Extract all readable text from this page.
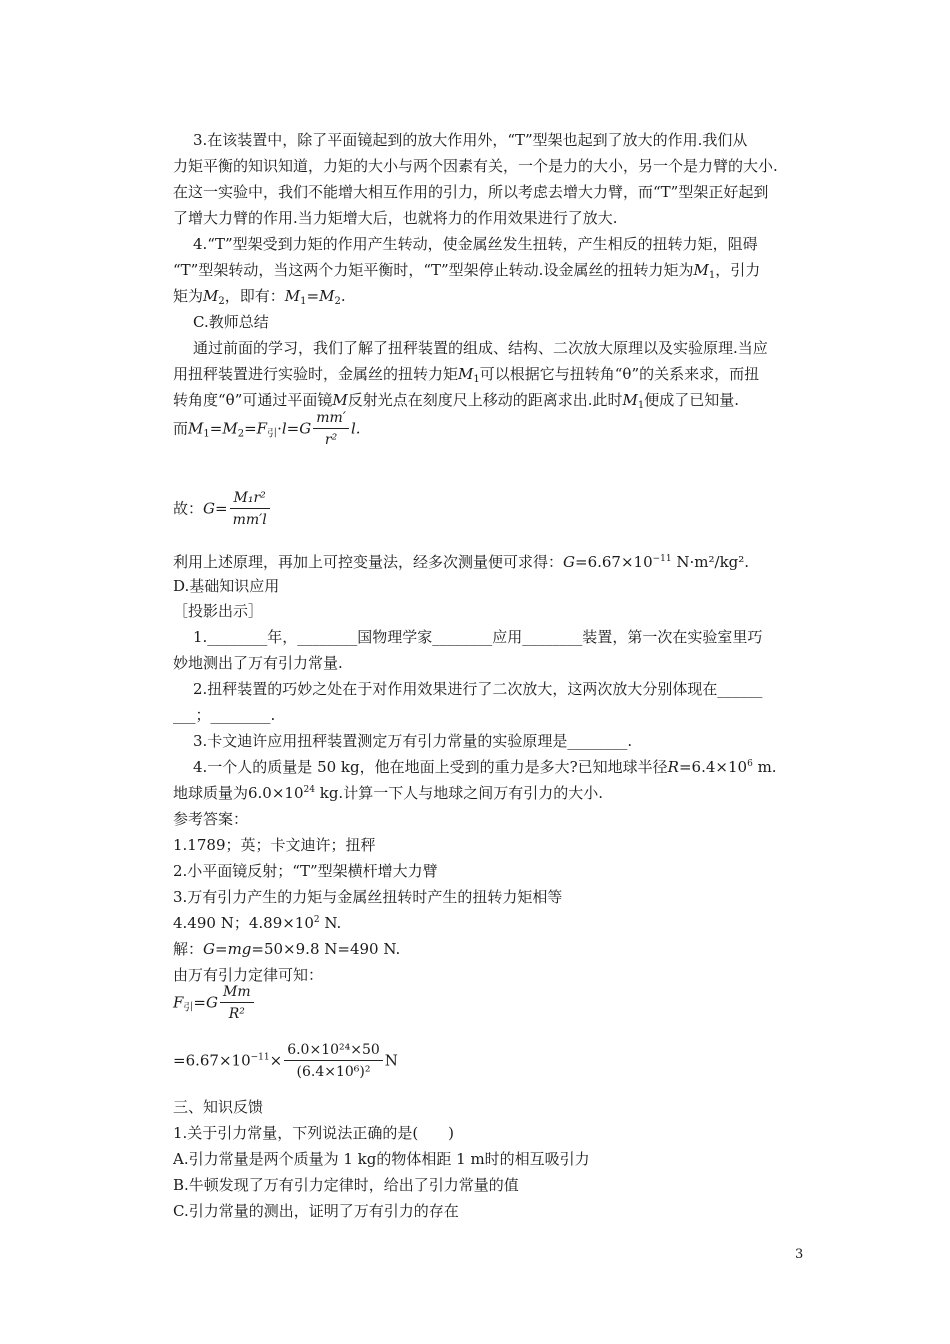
3.在该装置中，除了平面镜起到的放大作用外，“T”型架也起到了放大的作用.我们从
力矩平衡的知识知道，力矩的大小与两个因素有关，一个是力的大小，另一个是力臂的大小.
在这一实验中，我们不能增大相互作用的引力，所以考虑去增大力臂，而“T”型架正好起到
了增大力臂的作用.当力矩增大后，也就将力的作用效果进行了放大.
4.“T”型架受到力矩的作用产生转动，使金属丝发生扭转，产生相反的扭转力矩，阻碍
“T”型架转动，当这两个力矩平衡时，“T”型架停止转动.设金属丝的扭转力矩为$M_1$，引力
矩为$M_2$，即有：$M_1=M_2$.
C.教师总结
通过前面的学习，我们了解了扭秤装置的组成、结构、二次放大原理以及实验原理.当应
用扭秤装置进行实验时，金属丝的扭转力矩$M_1$可以根据它与扭转角“θ”的关系来求，而扭
转角度“θ”可通过平面镜M反射光点在刻度尺上移动的距离求出.此时$M_1$便成了已知量.
而$M_1=M_2=F_引\cdot l=G \frac{mm'}{\text{r²}} l$.
故：$G= \frac{\text{M₁r²}}{mm'l}$
利用上述原理，再加上可控变量法，经多次测量便可求得：$G=6.67\times 10^{-11}$ N·m²/kg².
D.基础知识应用
［投影出示］
1.________年，________国物理学家________应用________装置，第一次在实验室里巧
妙地测出了万有引力常量.
2.扭秤装置的巧妙之处在于对作用效果进行了二次放大，这两次放大分别体现在______
___；________.
3.卡文迪许应用扭秤装置测定万有引力常量的实验原理是________.
4.一个人的质量是 50 kg，他在地面上受到的重力是多大?已知地球半径$R=6.4\times 10^6$ m.
地球质量为$6.0\times 10^{24}$ kg.计算一下人与地球之间万有引力的大小.
参考答案：
1.1789；英；卡文迪许；扭秤
2.小平面镜反射；“T”型架横杆增大力臂
3.万有引力产生的力矩与金属丝扭转时产生的扭转力矩相等
4.490 N；$4.89\times 10^2$ N.
解：G=mg=50×9.8 N=490 N.
由万有引力定律可知：
$F_引=G \frac{Mm}{\text{R²}}$
$=6.67\times 10^{-11}\times \frac{\text{6.0×10²⁴×50}}{\text{(6.4×10⁶)²}}$ N
三、知识反馈
1.关于引力常量，下列说法正确的是(　　)
A.引力常量是两个质量为 1 kg的物体相距 1 m时的相互吸引力
B.牛顿发现了万有引力定律时，给出了引力常量的值
C.引力常量的测出，证明了万有引力的存在
3
